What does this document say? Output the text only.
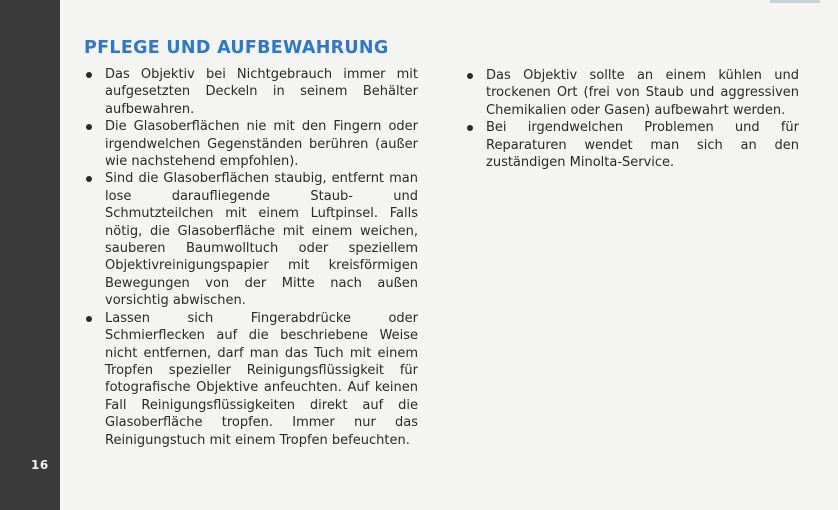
16
PFLEGE UND AUFBEWAHRUNG
Das Objektiv bei Nichtgebrauch immer mit aufgesetzten Deckeln in seinem Behälter aufbewahren.
Die Glasoberflächen nie mit den Fingern oder irgendwelchen Gegenständen berühren (außer wie nachstehend empfohlen).
Sind die Glasoberflächen staubig, entfernt man lose daraufliegende Staub- und Schmutzteilchen mit einem Luftpinsel. Falls nötig, die Glasoberfläche mit einem weichen, sauberen Baumwolltuch oder speziellem Objektivreinigungspapier mit kreisförmigen Bewegungen von der Mitte nach außen vorsichtig abwischen.
Lassen sich Fingerabdrücke oder Schmierflecken auf die beschriebene Weise nicht entfernen, darf man das Tuch mit einem Tropfen spezieller Reinigungsflüssigkeit für fotografische Objektive anfeuchten. Auf keinen Fall Reinigungsflüssigkeiten direkt auf die Glasoberfläche tropfen. Immer nur das Reinigungstuch mit einem Tropfen befeuchten.
Das Objektiv sollte an einem kühlen und trockenen Ort (frei von Staub und aggressiven Chemikalien oder Gasen) aufbewahrt werden.
Bei irgendwelchen Problemen und für Reparaturen wendet man sich an den zuständigen Minolta-Service.
